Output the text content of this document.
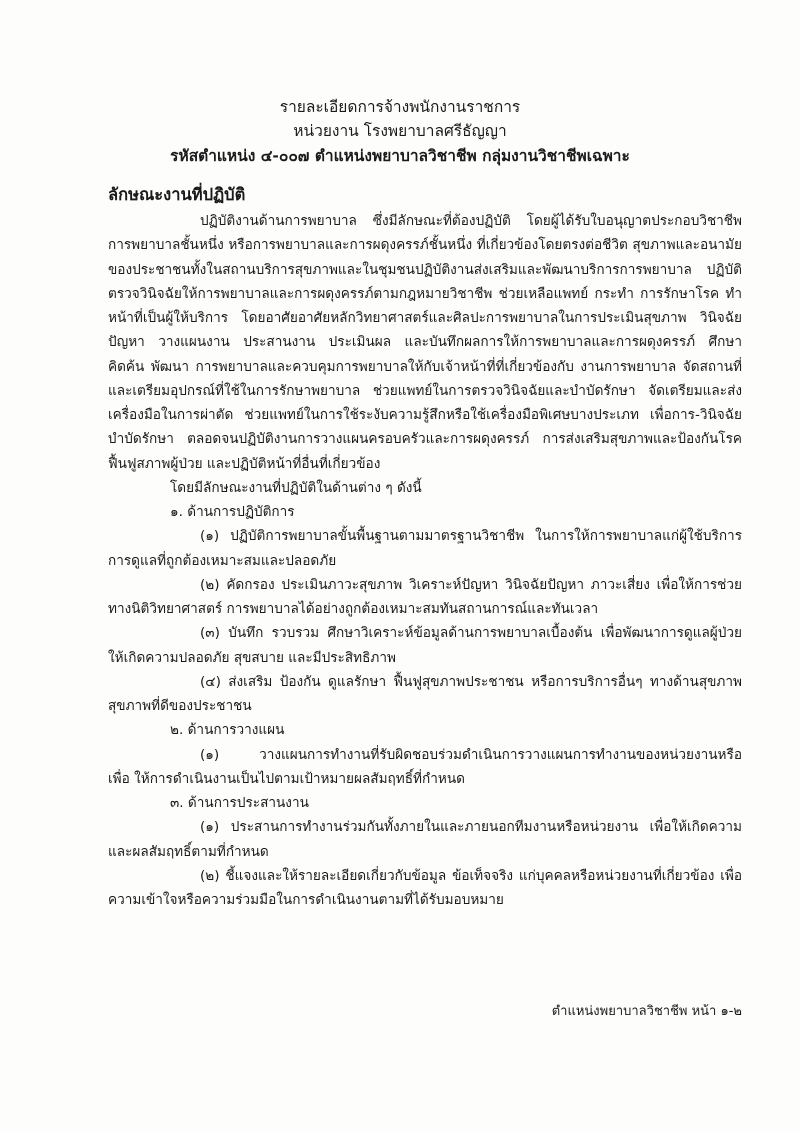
รายละเอียดการจ้างพนักงานราชการ
หน่วยงาน โรงพยาบาลศรีธัญญา
รหัสตำแหน่ง ๔-๐๐๗ ตำแหน่งพยาบาลวิชาชีพ กลุ่มงานวิชาชีพเฉพาะ
ลักษณะงานที่ปฏิบัติ
ปฏิบัติงานด้านการพยาบาล ซึ่งมีลักษณะที่ต้องปฏิบัติ โดยผู้ได้รับใบอนุญาตประกอบวิชาชีพ
การพยาบาลชั้นหนึ่ง หรือการพยาบาลและการผดุงครรภ์ชั้นหนึ่ง ที่เกี่ยวข้องโดยตรงต่อชีวิต สุขภาพและอนามัย
ของประชาชนทั้งในสถานบริการสุขภาพและในชุมชนปฏิบัติงานส่งเสริมและพัฒนาบริการการพยาบาล ปฏิบัติ
ตรวจวินิจฉัยให้การพยาบาลและการผดุงครรภ์ตามกฎหมายวิชาชีพ ช่วยเหลือแพทย์ กระทำ การรักษาโรค ทำ
หน้าที่เป็นผู้ให้บริการ โดยอาศัยอาศัยหลักวิทยาศาสตร์และศิลปะการพยาบาลในการประเมินสุขภาพ วินิจฉัย
ปัญหา วางแผนงาน ประสานงาน ประเมินผล และบันทึกผลการให้การพยาบาลและการผดุงครรภ์ ศึกษา
คิดค้น พัฒนา การพยาบาลและควบคุมการพยาบาลให้กับเจ้าหน้าที่ที่เกี่ยวข้องกับ งานการพยาบาล จัดสถานที่
และเตรียมอุปกรณ์ที่ใช้ในการรักษาพยาบาล ช่วยแพทย์ในการตรวจวินิจฉัยและบำบัดรักษา จัดเตรียมและส่ง
เครื่องมือในการผ่าตัด ช่วยแพทย์ในการใช้ระงับความรู้สึกหรือใช้เครื่องมือพิเศษบางประเภท เพื่อการ-วินิจฉัย
บำบัดรักษา ตลอดจนปฏิบัติงานการวางแผนครอบครัวและการผดุงครรภ์ การส่งเสริมสุขภาพและป้องกันโรค
ฟื้นฟูสภาพผู้ป่วย และปฏิบัติหน้าที่อื่นที่เกี่ยวข้อง
โดยมีลักษณะงานที่ปฏิบัติในด้านต่าง ๆ ดังนี้
๑. ด้านการปฏิบัติการ
(๑) ปฏิบัติการพยาบาลขั้นพื้นฐานตามมาตรฐานวิชาชีพ ในการให้การพยาบาลแก่ผู้ใช้บริการ
การดูแลที่ถูกต้องเหมาะสมและปลอดภัย
(๒) คัดกรอง ประเมินภาวะสุขภาพ วิเคราะห์ปัญหา วินิจฉัยปัญหา ภาวะเสี่ยง เพื่อให้การช่วย
ทางนิติวิทยาศาสตร์ การพยาบาลได้อย่างถูกต้องเหมาะสมทันสถานการณ์และทันเวลา
(๓) บันทึก รวบรวม ศึกษาวิเคราะห์ข้อมูลด้านการพยาบาลเบื้องต้น เพื่อพัฒนาการดูแลผู้ป่วย
ให้เกิดความปลอดภัย สุขสบาย และมีประสิทธิภาพ
(๔) ส่งเสริม ป้องกัน ดูแลรักษา ฟื้นฟูสุขภาพประชาชน หรือการบริการอื่นๆ ทางด้านสุขภาพ
สุขภาพที่ดีของประชาชน
๒. ด้านการวางแผน
(๑) วางแผนการทำงานที่รับผิดชอบร่วมดำเนินการวางแผนการทำงานของหน่วยงานหรือ
เพื่อ ให้การดำเนินงานเป็นไปตามเป้าหมายผลสัมฤทธิ์ที่กำหนด
๓. ด้านการประสานงาน
(๑) ประสานการทำงานร่วมกันทั้งภายในและภายนอกทีมงานหรือหน่วยงาน เพื่อให้เกิดความ
และผลสัมฤทธิ์ตามที่กำหนด
(๒) ชี้แจงและให้รายละเอียดเกี่ยวกับข้อมูล ข้อเท็จจริง แก่บุคคลหรือหน่วยงานที่เกี่ยวข้อง เพื่อ
ความเข้าใจหรือความร่วมมือในการดำเนินงานตามที่ได้รับมอบหมาย
ตำแหน่งพยาบาลวิชาชีพ หน้า ๑-๒
